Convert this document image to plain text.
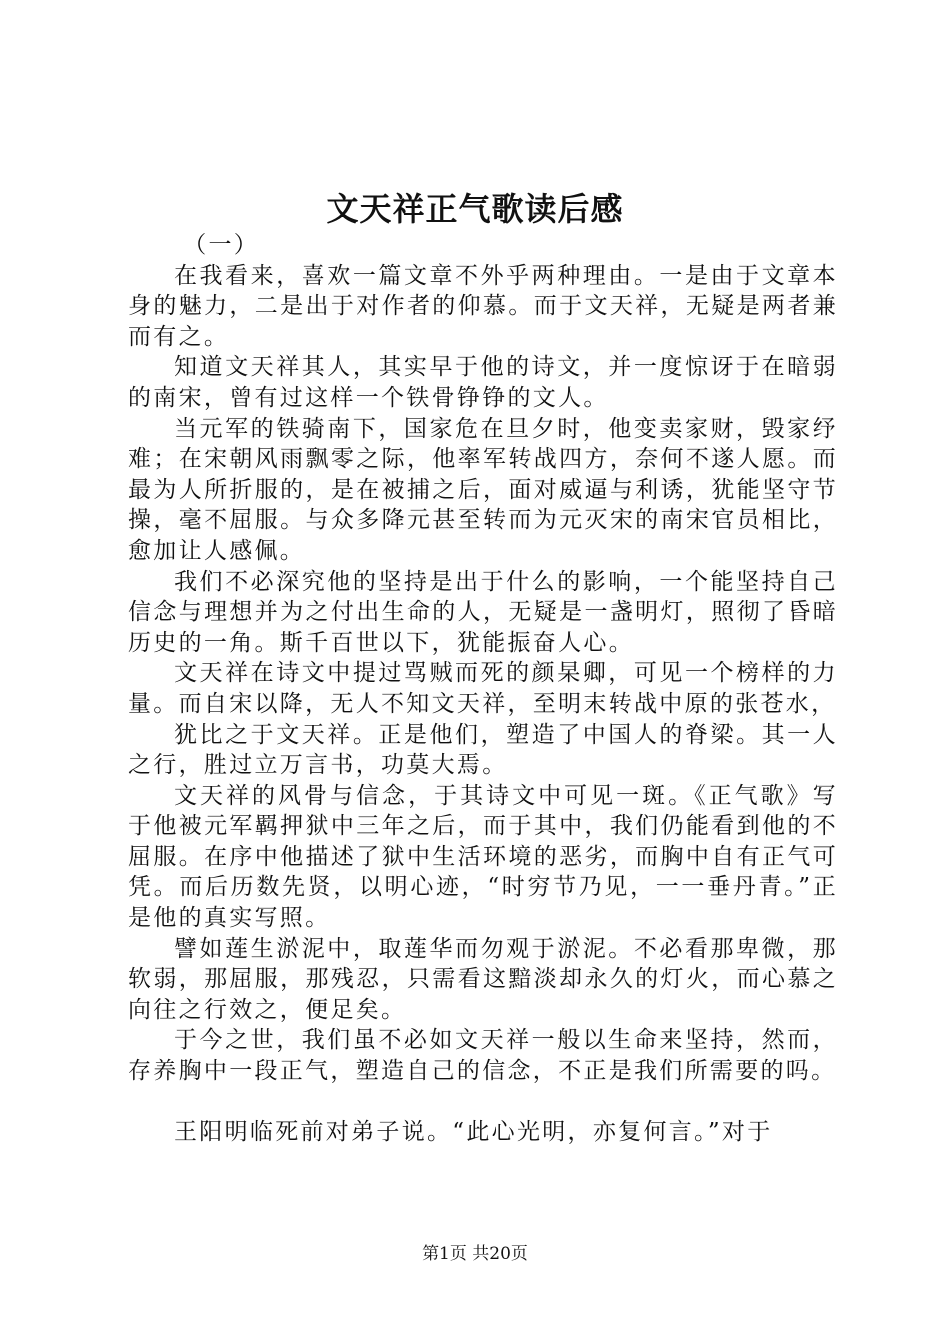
文天祥正气歌读后感

（一）

在我看来，喜欢一篇文章不外乎两种理由。一是由于文章本身的魅力，二是出于对作者的仰慕。而于文天祥，无疑是两者兼而有之。

知道文天祥其人，其实早于他的诗文，并一度惊讶于在暗弱的南宋，曾有过这样一个铁骨铮铮的文人。

当元军的铁骑南下，国家危在旦夕时，他变卖家财，毁家纾难；在宋朝风雨飘零之际，他率军转战四方，奈何不遂人愿。而最为人所折服的，是在被捕之后，面对威逼与利诱，犹能坚守节操，毫不屈服。与众多降元甚至转而为元灭宋的南宋官员相比，愈加让人感佩。

我们不必深究他的坚持是出于什么的影响，一个能坚持自己信念与理想并为之付出生命的人，无疑是一盏明灯，照彻了昏暗历史的一角。斯千百世以下，犹能振奋人心。

文天祥在诗文中提过骂贼而死的颜杲卿，可见一个榜样的力量。而自宋以降，无人不知文天祥，至明末转战中原的张苍水，

犹比之于文天祥。正是他们，塑造了中国人的脊梁。其一人之行，胜过立万言书，功莫大焉。

文天祥的风骨与信念，于其诗文中可见一斑。《正气歌》写于他被元军羁押狱中三年之后，而于其中，我们仍能看到他的不屈服。在序中他描述了狱中生活环境的恶劣，而胸中自有正气可凭。而后历数先贤，以明心迹，“时穷节乃见，一一垂丹青。”正是他的真实写照。

譬如莲生淤泥中，取莲华而勿观于淤泥。不必看那卑微，那软弱，那屈服，那残忍，只需看这黯淡却永久的灯火，而心慕之向往之行效之，便足矣。

于今之世，我们虽不必如文天祥一般以生命来坚持，然而，存养胸中一段正气，塑造自己的信念，不正是我们所需要的吗。

王阳明临死前对弟子说。“此心光明，亦复何言。”对于

第1页 共20页
